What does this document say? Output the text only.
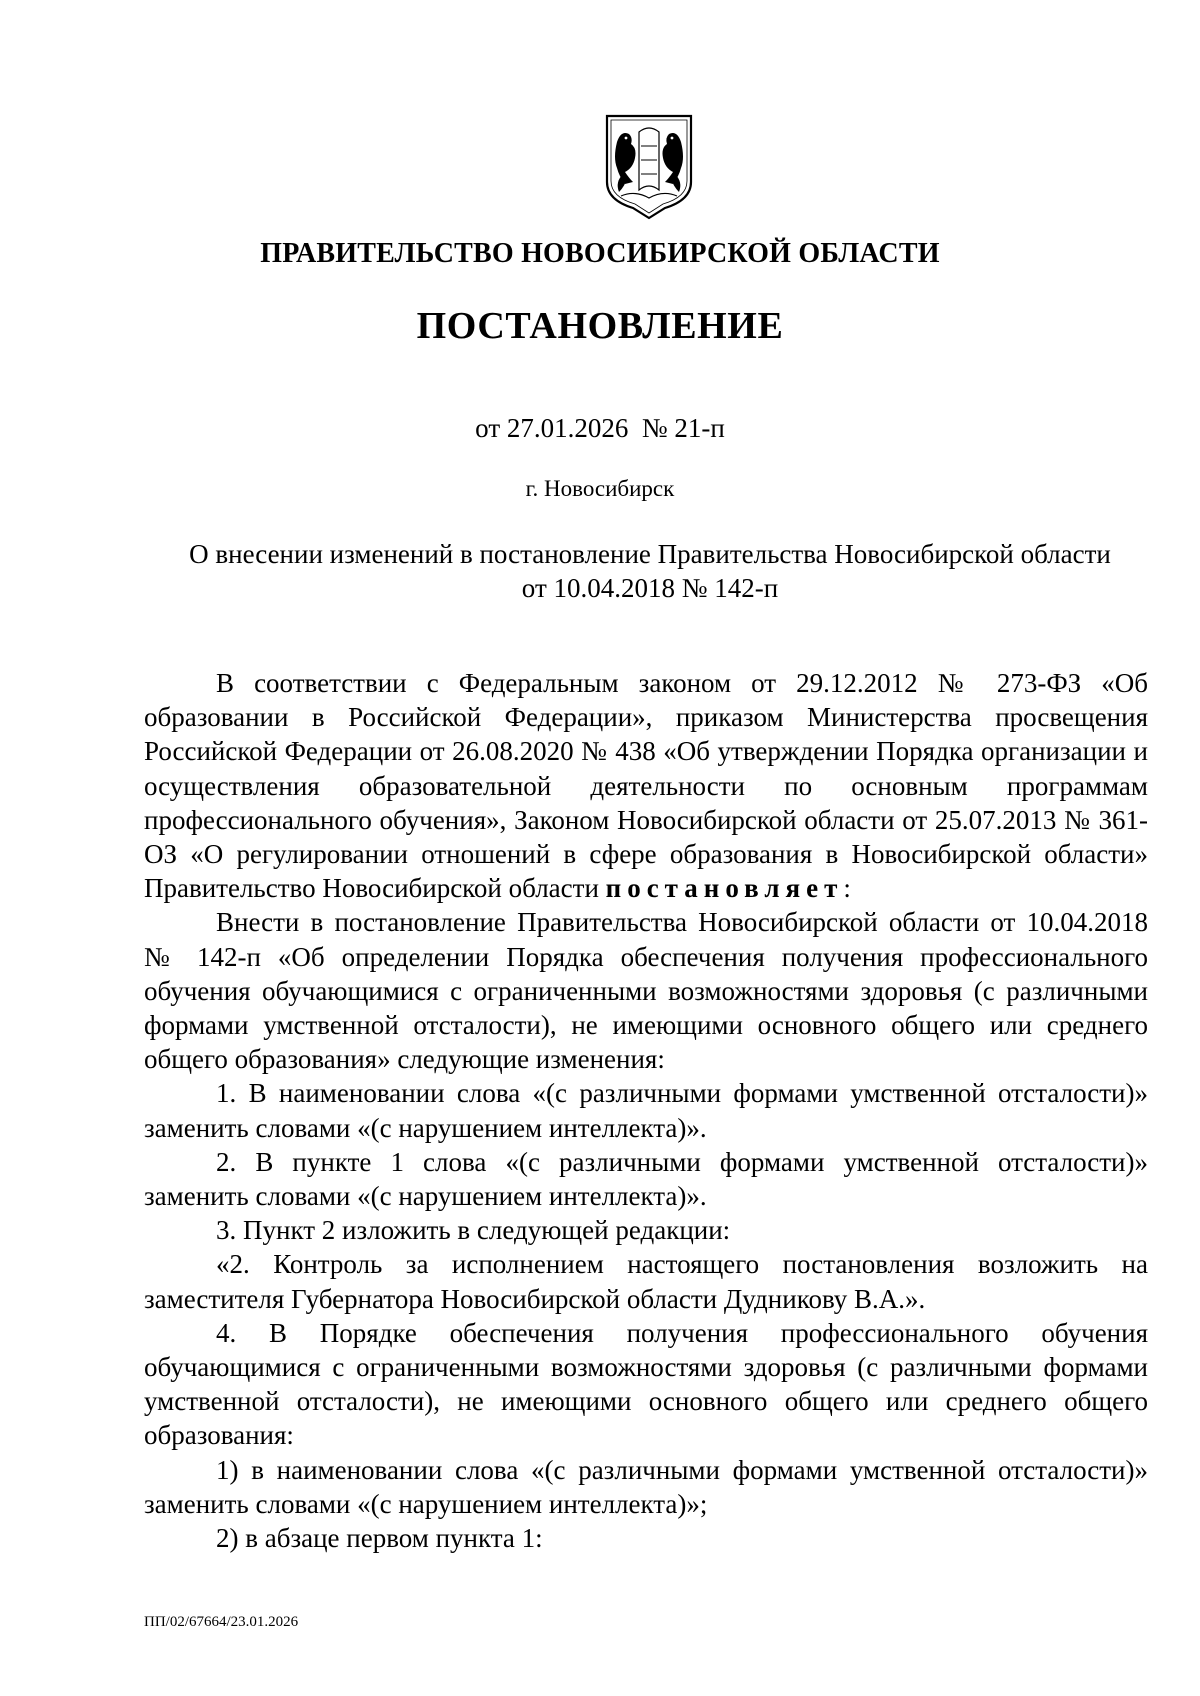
ПРАВИТЕЛЬСТВО НОВОСИБИРСКОЙ ОБЛАСТИ
ПОСТАНОВЛЕНИЕ
от 27.01.2026  № 21-п
г. Новосибирск
О внесении изменений в постановление Правительства Новосибирской области
от 10.04.2018 № 142-п

В соответствии с Федеральным законом от 29.12.2012 № 273-ФЗ «Об образовании в Российской Федерации», приказом Министерства просвещения Российской Федерации от 26.08.2020 № 438 «Об утверждении Порядка организации и осуществления образовательной деятельности по основным программам профессионального обучения», Законом Новосибирской области от 25.07.2013 № 361-ОЗ «О регулировании отношений в сфере образования в Новосибирской области» Правительство Новосибирской области постановляет:

Внести в постановление Правительства Новосибирской области от 10.04.2018 № 142-п «Об определении Порядка обеспечения получения профессионального обучения обучающимися с ограниченными возможностями здоровья (с различными формами умственной отсталости), не имеющими основного общего или среднего общего образования» следующие изменения:

1. В наименовании слова «(с различными формами умственной отсталости)» заменить словами «(с нарушением интеллекта)».

2. В пункте 1 слова «(с различными формами умственной отсталости)» заменить словами «(с нарушением интеллекта)».

3. Пункт 2 изложить в следующей редакции:

«2. Контроль за исполнением настоящего постановления возложить на заместителя Губернатора Новосибирской области Дудникову В.А.».

4. В Порядке обеспечения получения профессионального обучения обучающимися с ограниченными возможностями здоровья (с различными формами умственной отсталости), не имеющими основного общего или среднего общего образования:

1) в наименовании слова «(с различными формами умственной отсталости)» заменить словами «(с нарушением интеллекта)»;

2) в абзаце первом пункта 1:

ПП/02/67664/23.01.2026
